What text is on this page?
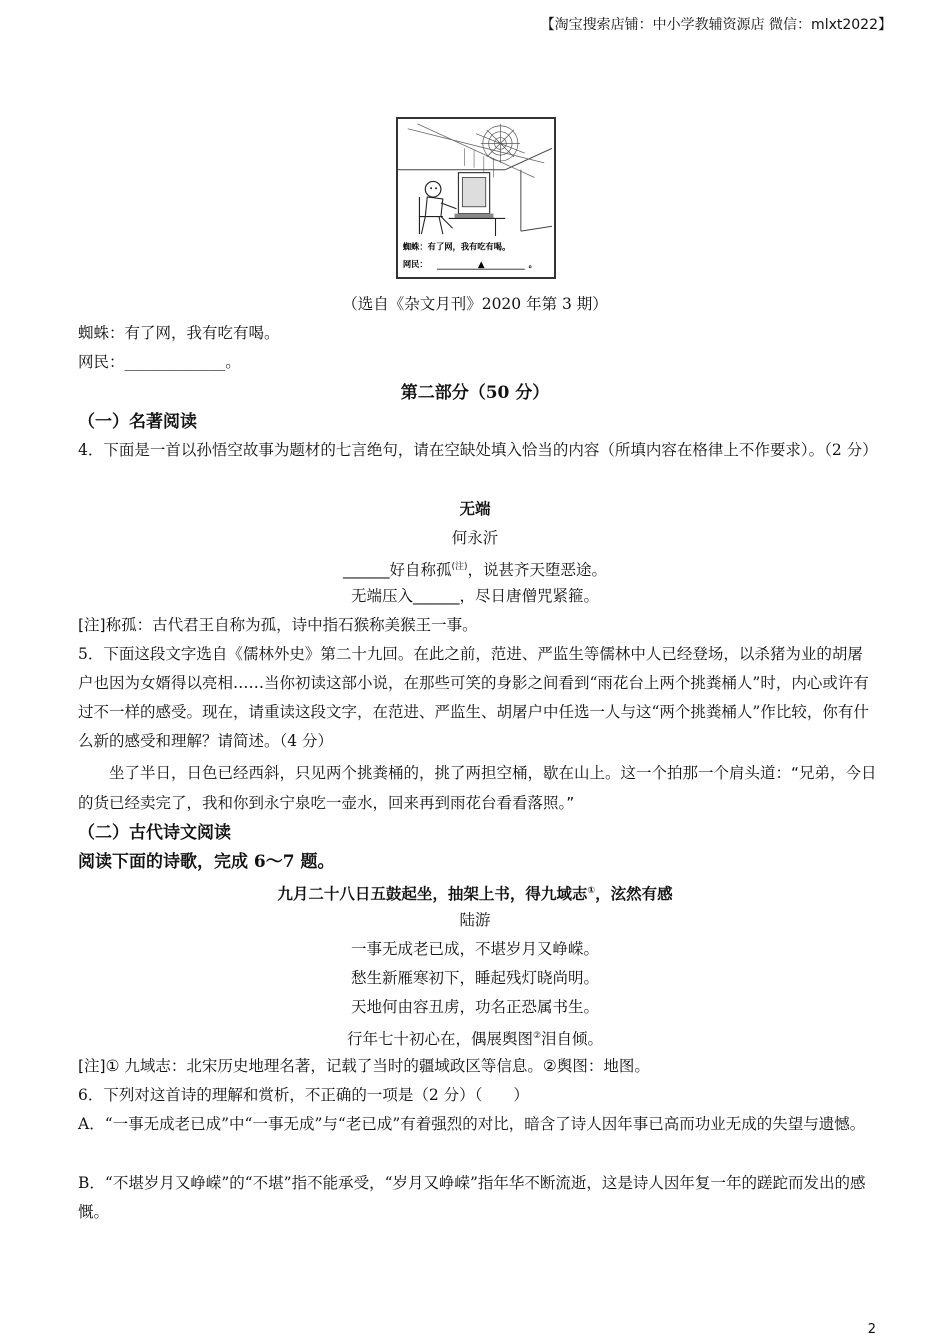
【淘宝搜索店铺：中小学教辅资源店 微信：mlxt2022】
蜘蛛：有了网，我有吃有喝。
网民：	▲	。
（选自《杂文月刊》2020 年第 3 期）
蜘蛛：有了网，我有吃有喝。
网民：_____________。
第二部分（50 分）
（一）名著阅读
4．下面是一首以孙悟空故事为题材的七言绝句，请在空缺处填入恰当的内容（所填内容在格律上不作要求）。（2 分）
无端
何永沂
______好自称孤$^{(注)}$，说甚齐天堕恶途。
无端压入______，尽日唐僧咒紧箍。
[注]称孤：古代君王自称为孤，诗中指石猴称美猴王一事。
5．下面这段文字选自《儒林外史》第二十九回。在此之前，范进、严监生等儒林中人已经登场，以杀猪为业的胡屠户也因为女婿得以亮相……当你初读这部小说，在那些可笑的身影之间看到“雨花台上两个挑粪桶人”时，内心或许有过不一样的感受。现在，请重读这段文字，在范进、严监生、胡屠户中任选一人与这“两个挑粪桶人”作比较，你有什么新的感受和理解？请简述。（4 分）
坐了半日，日色已经西斜，只见两个挑粪桶的，挑了两担空桶，歇在山上。这一个拍那一个肩头道：“兄弟，今日的货已经卖完了，我和你到永宁泉吃一壶水，回来再到雨花台看看落照。”
（二）古代诗文阅读
阅读下面的诗歌，完成 6～7 题。
九月二十八日五鼓起坐，抽架上书，得九域志①，泫然有感
陆游
一事无成老已成，不堪岁月又峥嵘。
愁生新雁寒初下，睡起残灯晓尚明。
天地何由容丑虏，功名正恐属书生。
行年七十初心在，偶展舆图②泪自倾。
[注]① 九域志：北宋历史地理名著，记载了当时的疆域政区等信息。②舆图：地图。
6．下列对这首诗的理解和赏析，不正确的一项是（2 分）（　　）
A．“一事无成老已成”中“一事无成”与“老已成”有着强烈的对比，暗含了诗人因年事已高而功业无成的失望与遗憾。
B．“不堪岁月又峥嵘”的“不堪”指不能承受，“岁月又峥嵘”指年华不断流逝，这是诗人因年复一年的蹉跎而发出的感慨。
2
